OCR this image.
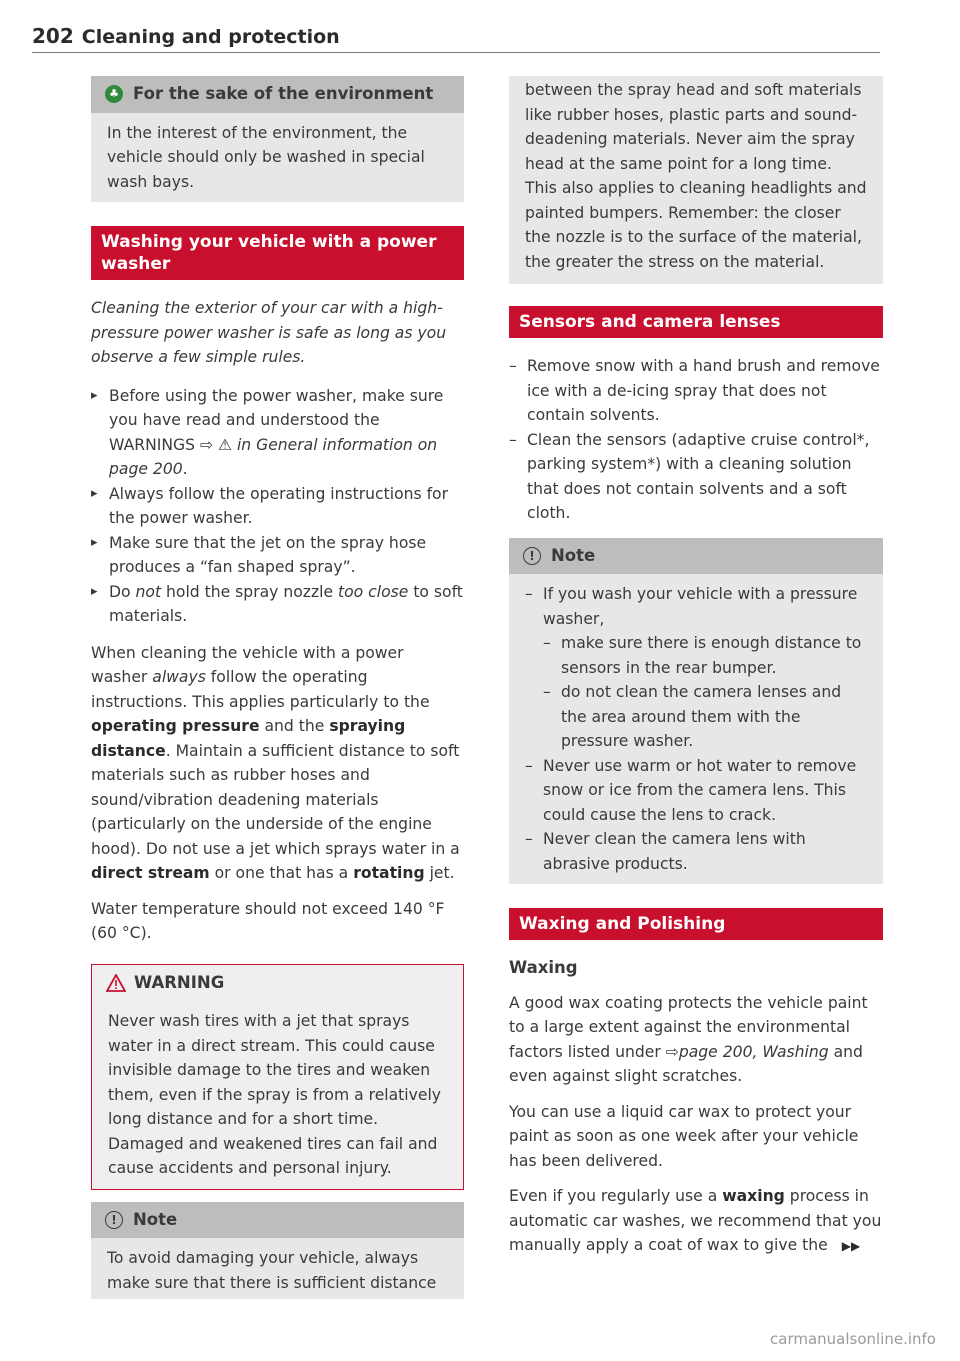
202 Cleaning and protection
♣ For the sake of the environment
In the interest of the environment, the vehicle should only be washed in special wash bays.
Washing your vehicle with a power washer

Cleaning the exterior of your car with a high-pressure power washer is safe as long as you observe a few simple rules.

▸ Before using the power washer, make sure you have read and understood the WARNINGS ⇨ ⚠ in General information on page 200.
▸ Always follow the operating instructions for the power washer.
▸ Make sure that the jet on the spray hose produces a “fan shaped spray”.
▸ Do not hold the spray nozzle too close to soft materials.

When cleaning the vehicle with a power washer always follow the operating instructions. This applies particularly to the operating pressure and the spraying distance. Maintain a sufficient distance to soft materials such as rubber hoses and sound/vibration deadening materials (particularly on the underside of the engine hood). Do not use a jet which sprays water in a direct stream or one that has a rotating jet.

Water temperature should not exceed 140 °F (60 °C).

WARNING
Never wash tires with a jet that sprays water in a direct stream. This could cause invisible damage to the tires and weaken them, even if the spray is from a relatively long distance and for a short time. Damaged and weakened tires can fail and cause accidents and personal injury.
! Note
To avoid damaging your vehicle, always make sure that there is sufficient distance
between the spray head and soft materials like rubber hoses, plastic parts and sound-deadening materials. Never aim the spray head at the same point for a long time. This also applies to cleaning headlights and painted bumpers. Remember: the closer the nozzle is to the surface of the material, the greater the stress on the material.
Sensors and camera lenses
– Remove snow with a hand brush and remove ice with a de-icing spray that does not contain solvents.
– Clean the sensors (adaptive cruise control*, parking system*) with a cleaning solution that does not contain solvents and a soft cloth.
! Note
– If you wash your vehicle with a pressure washer,
– make sure there is enough distance to sensors in the rear bumper.
– do not clean the camera lenses and the area around them with the pressure washer.
– Never use warm or hot water to remove snow or ice from the camera lens. This could cause the lens to crack.
– Never clean the camera lens with abrasive products.
Waxing and Polishing
Waxing

A good wax coating protects the vehicle paint to a large extent against the environmental factors listed under ⇨page 200, Washing and even against slight scratches.

You can use a liquid car wax to protect your paint as soon as one week after your vehicle has been delivered.

Even if you regularly use a waxing process in automatic car washes, we recommend that you manually apply a coat of wax to give the ▶▶

carmanualsonline.info
